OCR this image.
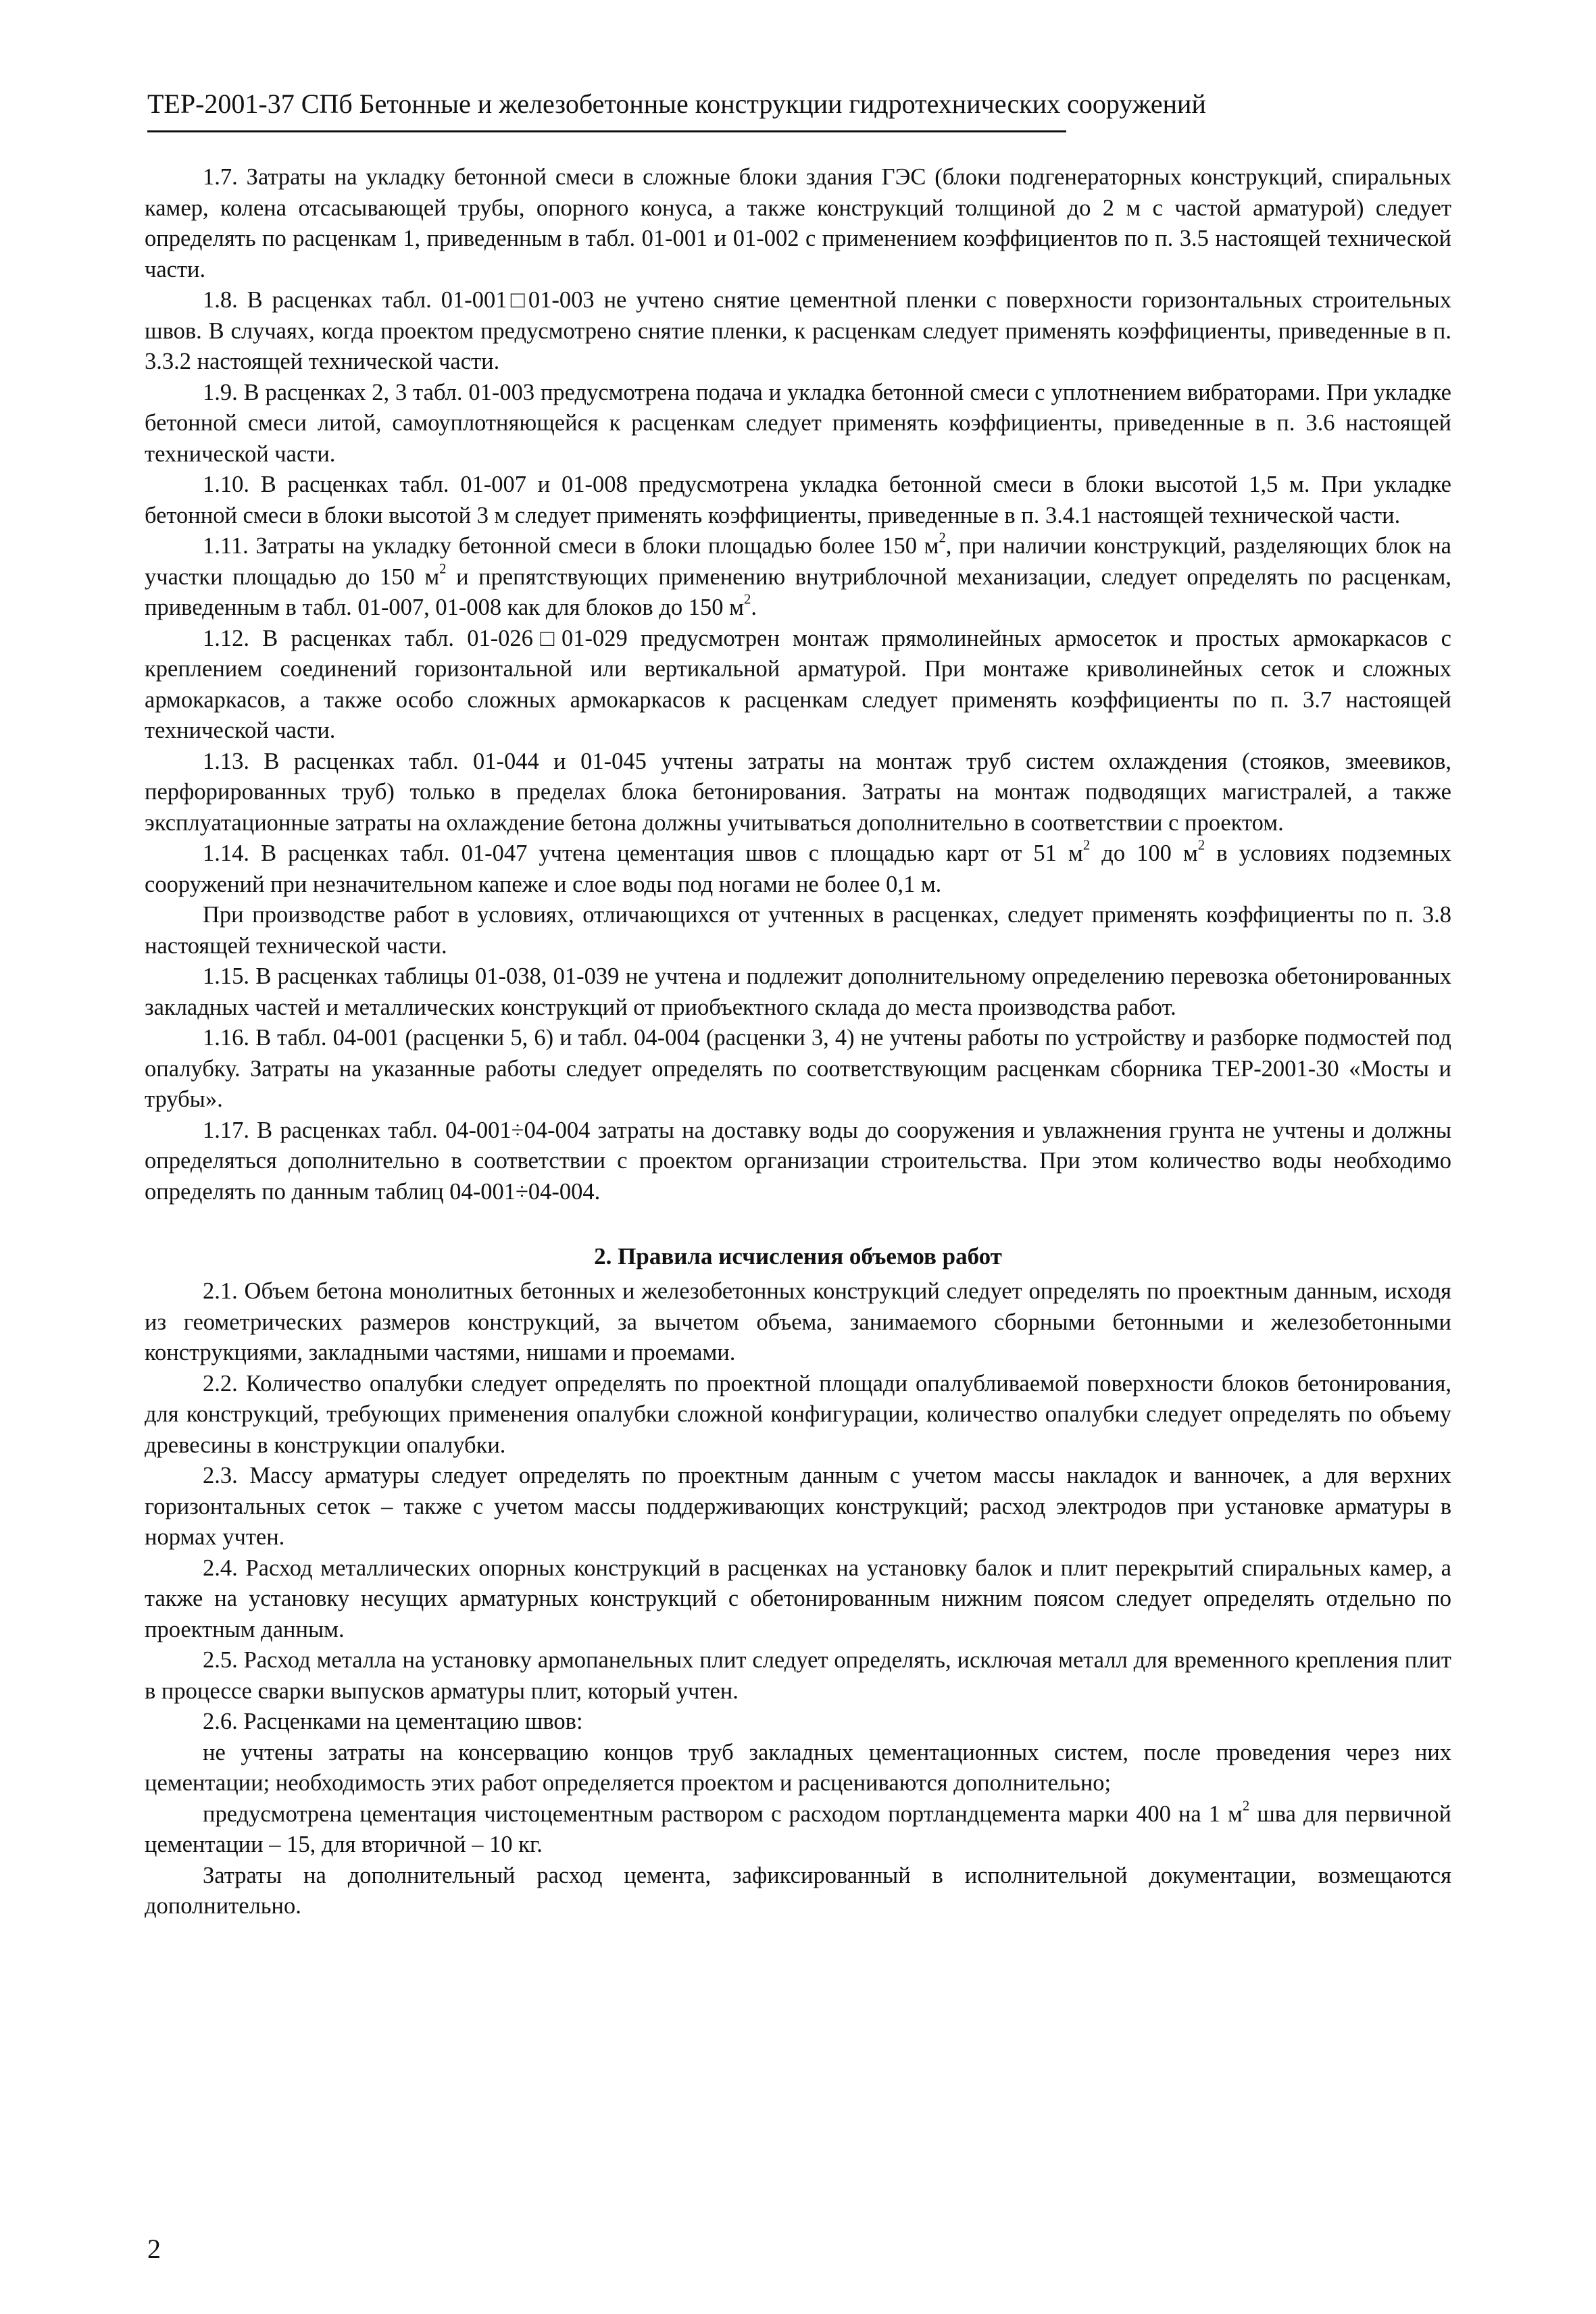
ТЕР-2001-37 СПб Бетонные и железобетонные конструкции гидротехнических сооружений

1.7. Затраты на укладку бетонной смеси в сложные блоки здания ГЭС (блоки подгенераторных конструкций, спиральных камер, колена отсасывающей трубы, опорного конуса, а также конструкций толщиной до 2 м с частой арматурой) следует определять по расценкам 1, приведенным в табл. 01-001 и 01-002 с применением коэффициентов по п. 3.5 настоящей технической части.

1.8. В расценках табл. 01-001□01-003 не учтено снятие цементной пленки с поверхности горизонтальных строительных швов. В случаях, когда проектом предусмотрено снятие пленки, к расценкам следует применять коэффициенты, приведенные в п. 3.3.2 настоящей технической части.

1.9. В расценках 2, 3 табл. 01-003 предусмотрена подача и укладка бетонной смеси с уплотнением вибраторами. При укладке бетонной смеси литой, самоуплотняющейся к расценкам следует применять коэффициенты, приведенные в п. 3.6 настоящей технической части.

1.10. В расценках табл. 01-007 и 01-008 предусмотрена укладка бетонной смеси в блоки высотой 1,5 м. При укладке бетонной смеси в блоки высотой 3 м следует применять коэффициенты, приведенные в п. 3.4.1 настоящей технической части.

1.11. Затраты на укладку бетонной смеси в блоки площадью более 150 $м^2$, при наличии конструкций, разделяющих блок на участки площадью до 150 $м^2$ и препятствующих применению внутриблочной механизации, следует определять по расценкам, приведенным в табл. 01-007, 01-008 как для блоков до 150 $м^2$.

1.12. В расценках табл. 01-026□01-029 предусмотрен монтаж прямолинейных армосеток и простых армокаркасов с креплением соединений горизонтальной или вертикальной арматурой. При монтаже криволинейных сеток и сложных армокаркасов, а также особо сложных армокаркасов к расценкам следует применять коэффициенты по п. 3.7 настоящей технической части.

1.13. В расценках табл. 01-044 и 01-045 учтены затраты на монтаж труб систем охлаждения (стояков, змеевиков, перфорированных труб) только в пределах блока бетонирования. Затраты на монтаж подводящих магистралей, а также эксплуатационные затраты на охлаждение бетона должны учитываться дополнительно в соответствии с проектом.

1.14. В расценках табл. 01-047 учтена цементация швов с площадью карт от 51 $м^2$ до 100 $м^2$ в условиях подземных сооружений при незначительном капеже и слое воды под ногами не более 0,1 м.

При производстве работ в условиях, отличающихся от учтенных в расценках, следует применять коэффициенты по п. 3.8 настоящей технической части.

1.15. В расценках таблицы 01-038, 01-039 не учтена и подлежит дополнительному определению перевозка обетонированных закладных частей и металлических конструкций от приобъектного склада до места производства работ.

1.16. В табл. 04-001 (расценки 5, 6) и табл. 04-004 (расценки 3, 4) не учтены работы по устройству и разборке подмостей под опалубку. Затраты на указанные работы следует определять по соответствующим расценкам сборника ТЕР-2001-30 «Мосты и трубы».

1.17. В расценках табл. 04-001÷04-004 затраты на доставку воды до сооружения и увлажнения грунта не учтены и должны определяться дополнительно в соответствии с проектом организации строительства. При этом количество воды необходимо определять по данным таблиц 04-001÷04-004.

2. Правила исчисления объемов работ

2.1. Объем бетона монолитных бетонных и железобетонных конструкций следует определять по проектным данным, исходя из геометрических размеров конструкций, за вычетом объема, занимаемого сборными бетонными и железобетонными конструкциями, закладными частями, нишами и проемами.

2.2. Количество опалубки следует определять по проектной площади опалубливаемой поверхности блоков бетонирования, для конструкций, требующих применения опалубки сложной конфигурации, количество опалубки следует определять по объему древесины в конструкции опалубки.

2.3. Массу арматуры следует определять по проектным данным с учетом массы накладок и ванночек, а для верхних горизонтальных сеток – также с учетом массы поддерживающих конструкций; расход электродов при установке арматуры в нормах учтен.

2.4. Расход металлических опорных конструкций в расценках на установку балок и плит перекрытий спиральных камер, а также на установку несущих арматурных конструкций с обетонированным нижним поясом следует определять отдельно по проектным данным.

2.5. Расход металла на установку армопанельных плит следует определять, исключая металл для временного крепления плит в процессе сварки выпусков арматуры плит, который учтен.

2.6. Расценками на цементацию швов:

не учтены затраты на консервацию концов труб закладных цементационных систем, после проведения через них цементации; необходимость этих работ определяется проектом и расцениваются дополнительно;

предусмотрена цементация чистоцементным раствором с расходом портландцемента марки 400 на 1 $м^2$ шва для первичной цементации – 15, для вторичной – 10 кг.

Затраты на дополнительный расход цемента, зафиксированный в исполнительной документации, возмещаются дополнительно.

2
